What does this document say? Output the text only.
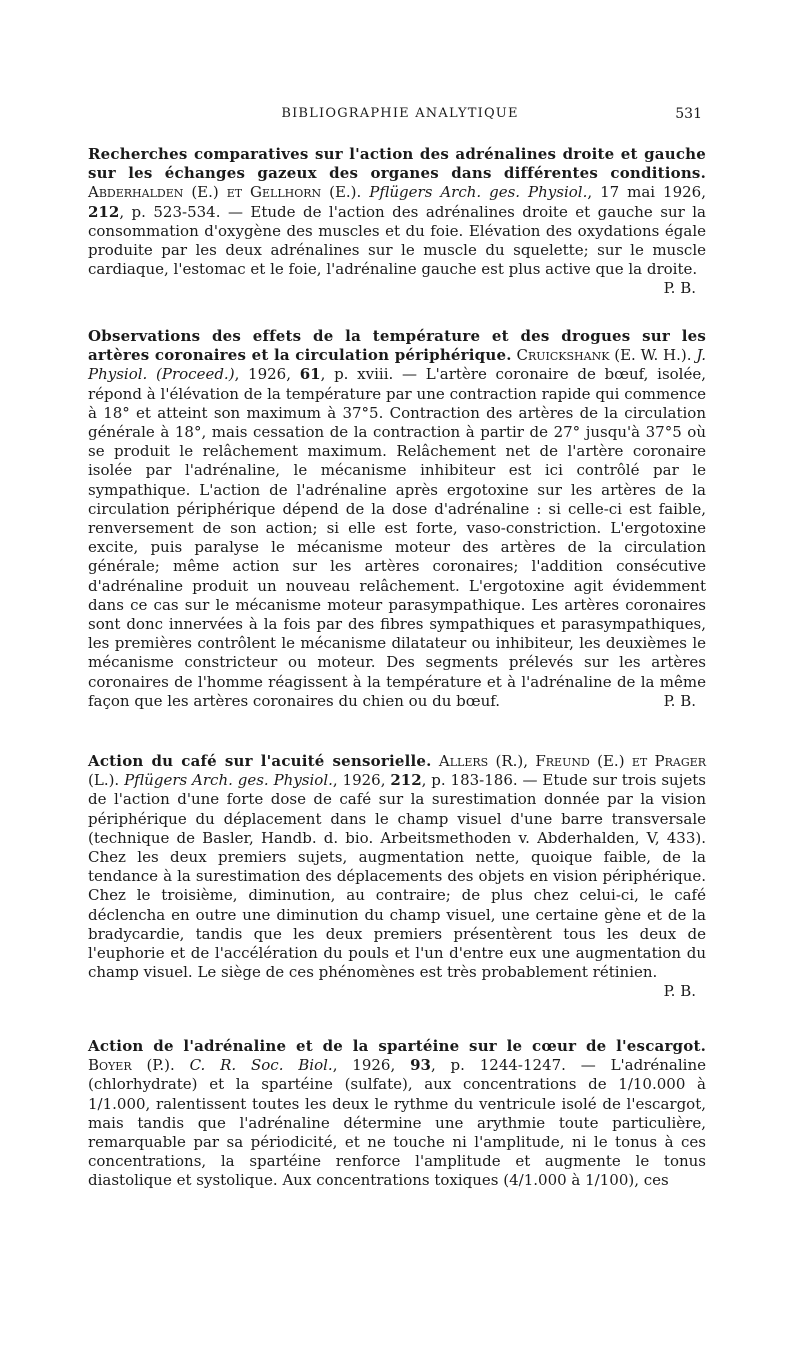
BIBLIOGRAPHIE ANALYTIQUE	531
Recherches comparatives sur l'action des adrénalines droite et gauche sur les échanges gazeux des organes dans différentes conditions. Abderhalden (E.) et Gellhorn (E.). Pflügers Arch. ges. Physiol., 17 mai 1926, 212, p. 523-534. — Etude de l'action des adrénalines droite et gauche sur la consommation d'oxygène des muscles et du foie. Elévation des oxydations égale produite par les deux adrénalines sur le muscle du squelette; sur le muscle cardiaque, l'estomac et le foie, l'adrénaline gauche est plus active que la droite.
P. B.
Observations des effets de la température et des drogues sur les artères coronaires et la circulation périphérique. Cruickshank (E. W. H.). J. Physiol. (Proceed.), 1926, 61, p. xviii. — L'artère coronaire de bœuf, isolée, répond à l'élévation de la température par une contraction rapide qui commence à 18° et atteint son maximum à 37°5. Contraction des artères de la circulation générale à 18°, mais cessation de la contraction à partir de 27° jusqu'à 37°5 où se produit le relâchement maximum. Relâchement net de l'artère coronaire isolée par l'adrénaline, le mécanisme inhibiteur est ici contrôlé par le sympathique. L'action de l'adrénaline après ergotoxine sur les artères de la circulation périphérique dépend de la dose d'adrénaline : si celle-ci est faible, renversement de son action; si elle est forte, vaso-constriction. L'ergotoxine excite, puis paralyse le mécanisme moteur des artères de la circulation générale; même action sur les artères coronaires; l'addition consécutive d'adrénaline produit un nouveau relâchement. L'ergotoxine agit évidemment dans ce cas sur le mécanisme moteur parasympathique. Les artères coronaires sont donc innervées à la fois par des fibres sympathiques et parasympathiques, les premières contrôlent le mécanisme dilatateur ou inhibiteur, les deuxièmes le mécanisme constricteur ou moteur. Des segments prélevés sur les artères coronaires de l'homme réagissent à la température et à l'adrénaline de la même façon que les artères coronaires du chien ou du bœuf.	P. B.
Action du café sur l'acuité sensorielle. Allers (R.), Freund (E.) et Prager (L.). Pflügers Arch. ges. Physiol., 1926, 212, p. 183-186. — Etude sur trois sujets de l'action d'une forte dose de café sur la surestimation donnée par la vision périphérique du déplacement dans le champ visuel d'une barre transversale (technique de Basler, Handb. d. bio. Arbeitsmethoden v. Abderhalden, V, 433). Chez les deux premiers sujets, augmentation nette, quoique faible, de la tendance à la surestimation des déplacements des objets en vision périphérique. Chez le troisième, diminution, au contraire; de plus chez celui-ci, le café déclencha en outre une diminution du champ visuel, une certaine gène et de la bradycardie, tandis que les deux premiers présentèrent tous les deux de l'euphorie et de l'accélération du pouls et l'un d'entre eux une augmentation du champ visuel. Le siège de ces phénomènes est très probablement rétinien.
P. B.
Action de l'adrénaline et de la spartéine sur le cœur de l'escargot. Boyer (P.). C. R. Soc. Biol., 1926, 93, p. 1244-1247. — L'adrénaline (chlorhydrate) et la spartéine (sulfate), aux concentrations de 1/10.000 à 1/1.000, ralentissent toutes les deux le rythme du ventricule isolé de l'escargot, mais tandis que l'adrénaline détermine une arythmie toute particulière, remarquable par sa périodicité, et ne touche ni l'amplitude, ni le tonus à ces concentrations, la spartéine renforce l'amplitude et augmente le tonus diastolique et systolique. Aux concentrations toxiques (4/1.000 à 1/100), ces
